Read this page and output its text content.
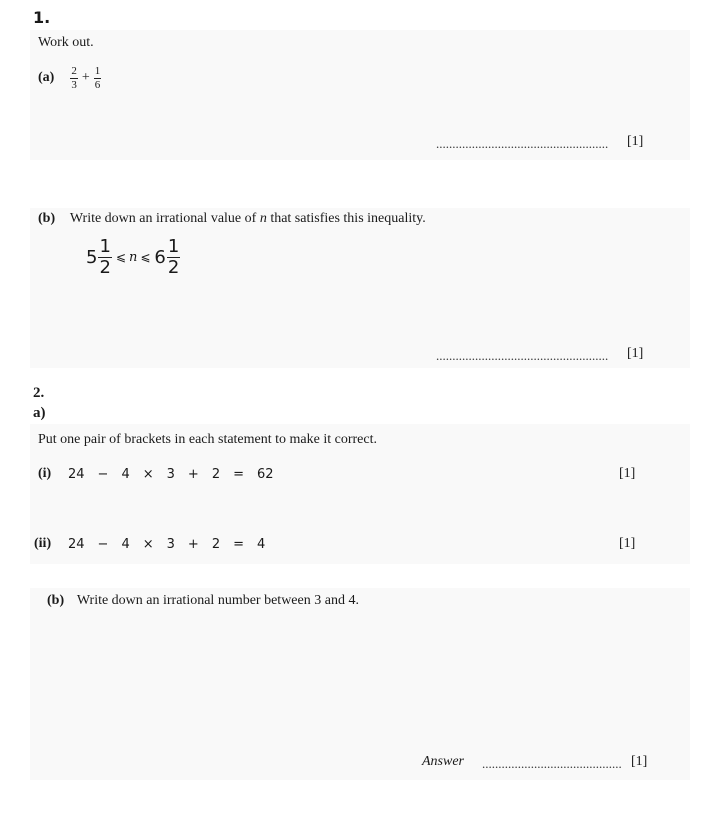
1.
Work out.
$(a) \frac{2}{3} + \frac{1}{6}$
..................................................... [1]
(b) Write down an irrational value of n that satisfies this inequality.
$5 \frac{1}{2}$ ⩽ n ⩽ $6 \frac{1}{2}$
..................................................... [1]
2.
a)
Put one pair of brackets in each statement to make it correct.
(i)	24 − 4 × 3 + 2 = 62	[1]
(ii)	24 − 4 × 3 + 2 = 4	[1]
(b) Write down an irrational number between 3 and 4.
Answer ........................................... [1]
